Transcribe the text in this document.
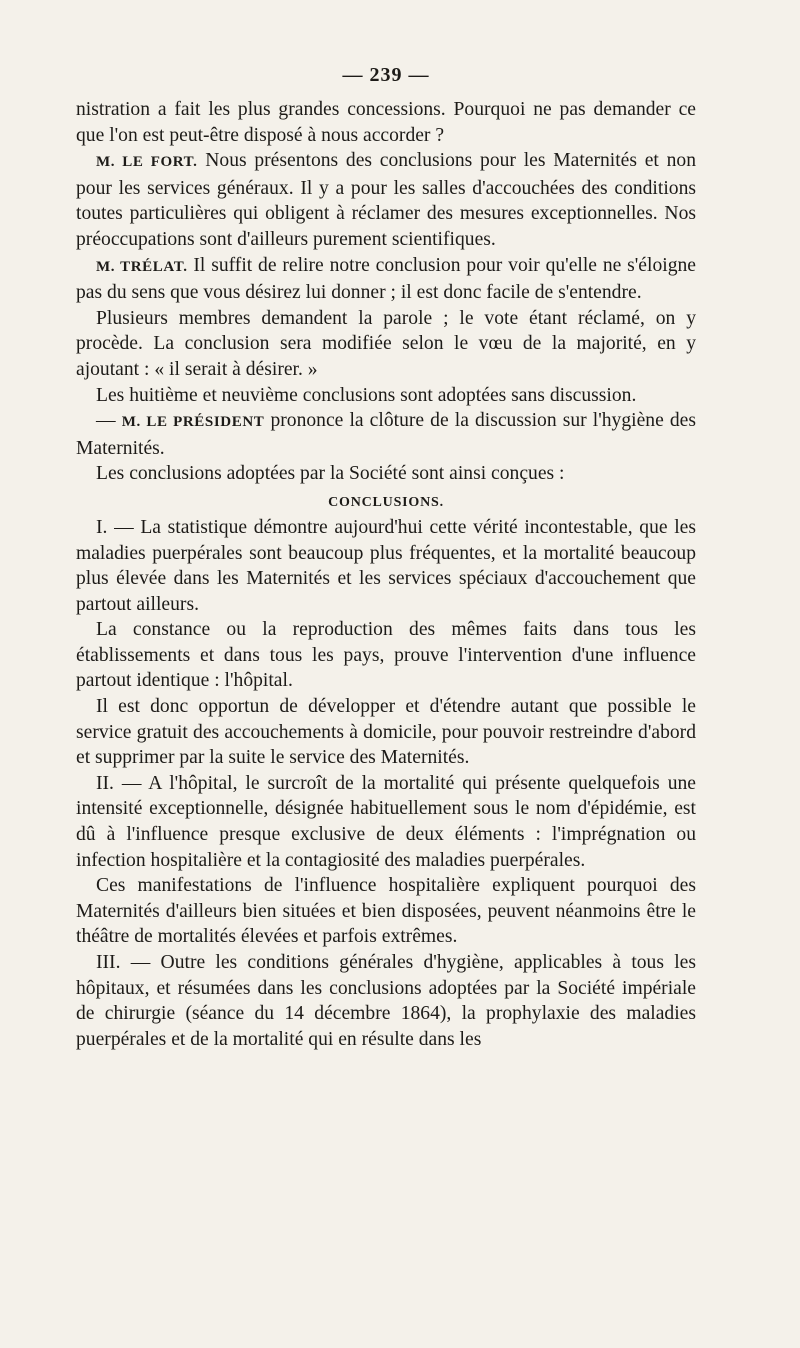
— 239 —

nistration a fait les plus grandes concessions. Pourquoi ne pas demander ce que l'on est peut-être disposé à nous accorder ?

M. LE FORT. Nous présentons des conclusions pour les Maternités et non pour les services généraux. Il y a pour les salles d'accouchées des conditions toutes particulières qui obligent à réclamer des mesures exceptionnelles. Nos préoccupations sont d'ailleurs purement scientifiques.

M. TRÉLAT. Il suffit de relire notre conclusion pour voir qu'elle ne s'éloigne pas du sens que vous désirez lui donner ; il est donc facile de s'entendre.

Plusieurs membres demandent la parole ; le vote étant réclamé, on y procède. La conclusion sera modifiée selon le vœu de la majorité, en y ajoutant : « il serait à désirer. »

Les huitième et neuvième conclusions sont adoptées sans discussion.

— M. LE PRÉSIDENT prononce la clôture de la discussion sur l'hygiène des Maternités.

Les conclusions adoptées par la Société sont ainsi conçues :

CONCLUSIONS.

I. — La statistique démontre aujourd'hui cette vérité incontestable, que les maladies puerpérales sont beaucoup plus fréquentes, et la mortalité beaucoup plus élevée dans les Maternités et les services spéciaux d'accouchement que partout ailleurs.

La constance ou la reproduction des mêmes faits dans tous les établissements et dans tous les pays, prouve l'intervention d'une influence partout identique : l'hôpital.

Il est donc opportun de développer et d'étendre autant que possible le service gratuit des accouchements à domicile, pour pouvoir restreindre d'abord et supprimer par la suite le service des Maternités.

II. — A l'hôpital, le surcroît de la mortalité qui présente quelquefois une intensité exceptionnelle, désignée habituellement sous le nom d'épidémie, est dû à l'influence presque exclusive de deux éléments : l'imprégnation ou infection hospitalière et la contagiosité des maladies puerpérales.

Ces manifestations de l'influence hospitalière expliquent pourquoi des Maternités d'ailleurs bien situées et bien disposées, peuvent néanmoins être le théâtre de mortalités élevées et parfois extrêmes.

III. — Outre les conditions générales d'hygiène, applicables à tous les hôpitaux, et résumées dans les conclusions adoptées par la Société impériale de chirurgie (séance du 14 décembre 1864), la prophylaxie des maladies puerpérales et de la mortalité qui en résulte dans les
